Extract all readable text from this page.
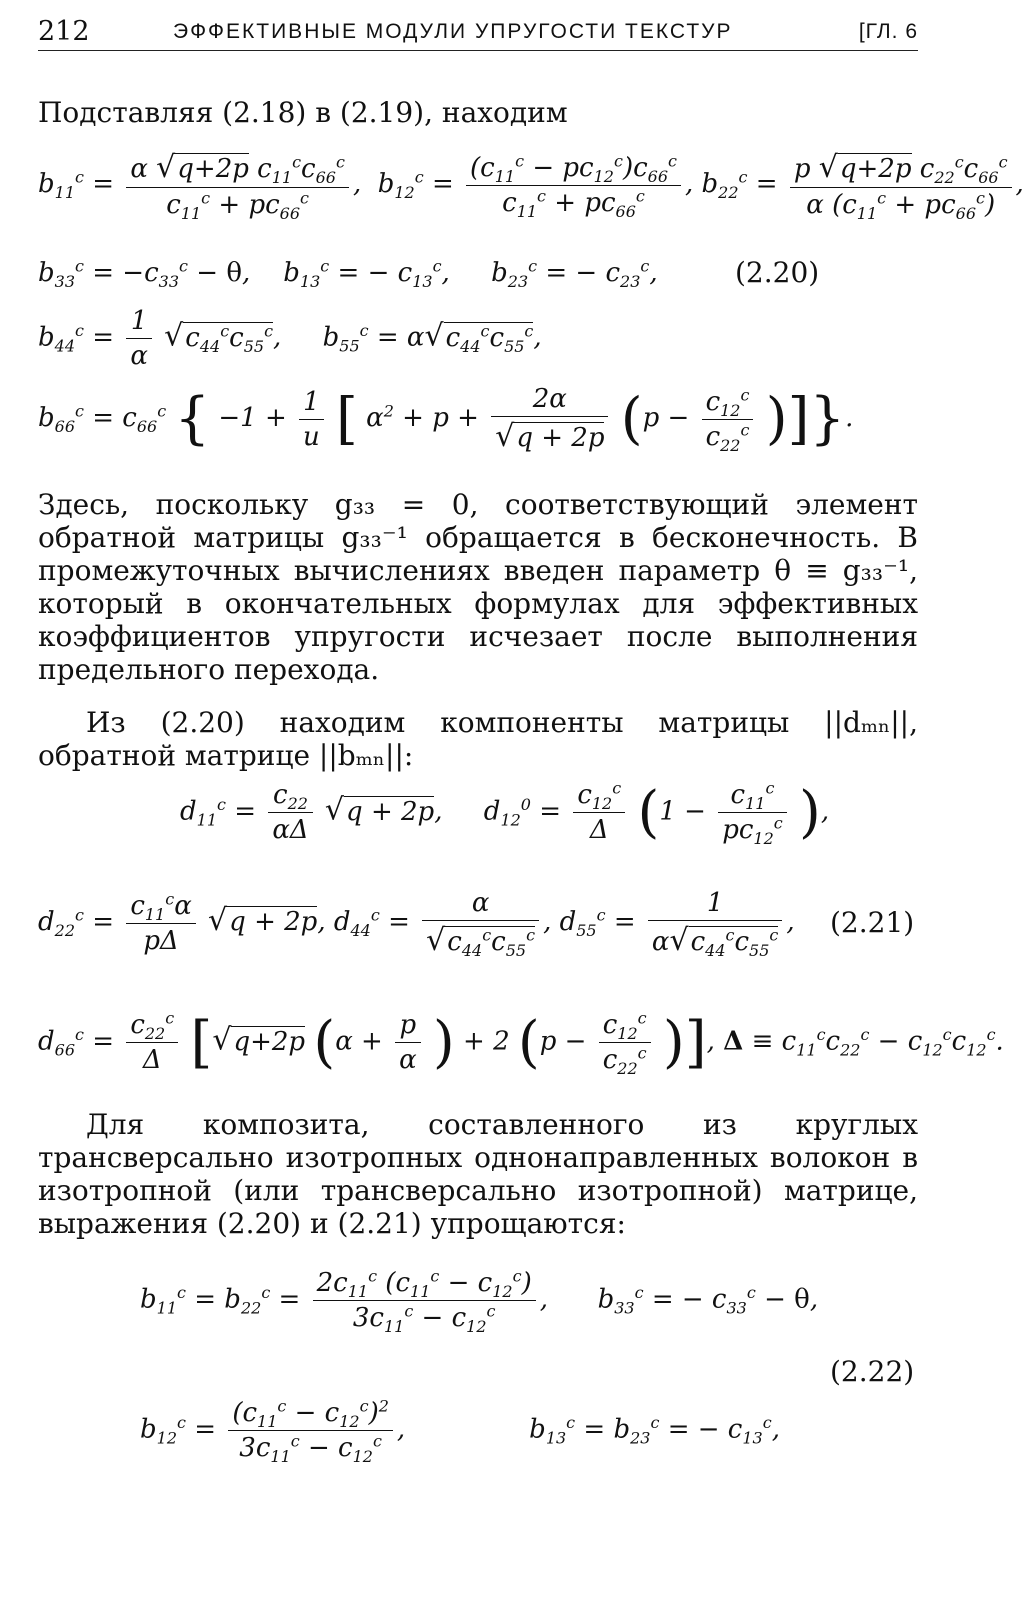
212	ЭФФЕКТИВНЫЕ МОДУЛИ УПРУГОСТИ ТЕКСТУР	[ГЛ. 6
Подставляя (2.18) в (2.19), находим
$b_{11}^c = \frac{\alpha √q+2p c_{11}^cc_{66}^c}{c_{11}^c + pc_{66}^c}$ ,  $b_{12}^c = \frac{(c_{11}^c - pc_{12}^c)c_{66}^c}{c_{11}^c + pc_{66}^c}$ , $b_{22}^c = \frac{p √q+2p c_{22}^cc_{66}^c}{\alpha (c_{11}^c + pc_{66}^c)}$ ,
$b_{33}^c = -c_{33}^c - \theta$,    $b_{13}^c$ = − $c_{13}^c$,     $b_{23}^c$ = − $c_{23}^c$,	(2.20)
$b_{44}^c = \frac{1}{\alpha} √c_{44}^cc_{55}^c$,     $b_{55}^c = \alpha√c_{44}^cc_{55}^c$,
$b_{66}^c = c_{66}^c$ { $-1 + \frac{1}{u}$ [ $\alpha^2 + p + \frac{2\alpha}{√q + 2p} (p - \frac{c_{12}^c}{c_{22}^c}$ )]}.
Здесь, поскольку g₃₃ = 0, соответствующий элемент обратной матрицы g₃₃⁻¹ обращается в бесконечность. В промежуточных вычислениях введен параметр θ ≡ g₃₃⁻¹, который в окончательных формулах для эффективных коэффициентов упругости исчезает после выполнения предельного перехода.
Из (2.20) находим компоненты матрицы ||dₘₙ||, обратной матрице ||bₘₙ||:
$d_{11}^c = \frac{c_{22}}{\alpha\Delta} √q + 2p$,     $d_{12}^0 = \frac{c_{12}^c}{\Delta} (1 - \frac{c_{11}^c}{pc_{12}^c}$ ),
$d_{22}^c = \frac{c_{11}^c\alpha}{p\Delta} √q + 2p$, $d_{44}^c = \frac{\alpha}{√c_{44}^cc_{55}^c}$ , $d_{55}^c = \frac{1}{\alpha√c_{44}^cc_{55}^c}$ , (2.21)
$d_{66}^c = \frac{c_{22}^c}{\Delta} [√q+2p$ ($\alpha + \frac{p}{\alpha}$ ) + 2 ($p - \frac{c_{12}^c}{c_{22}^c}$ )], $\Delta \equiv c_{11}^cc_{22}^c - c_{12}^cc_{12}^c$.
Для композита, составленного из круглых трансверсально изотропных однонаправленных волокон в изотропной (или трансверсально изотропной) матрице, выражения (2.20) и (2.21) упрощаются:
$b_{11}^c = b_{22}^c = \frac{2c_{11}^c (c_{11}^c - c_{12}^c)}{3c_{11}^c - c_{12}^c}$ ,      $b_{33}^c$ = − $c_{33}^c - \theta$,
(2.22)
$b_{12}^c = \frac{(c_{11}^c - c_{12}^c)^2}{3c_{11}^c - c_{12}^c}$ ,               $b_{13}^c = b_{23}^c$ = − $c_{13}^c$,
